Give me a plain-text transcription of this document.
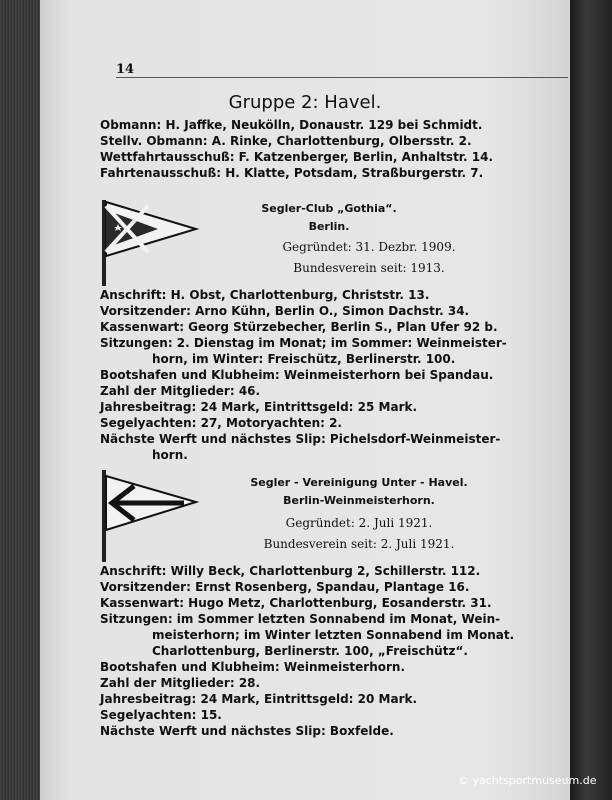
14
Gruppe 2: Havel.
Obmann: H. Jaffke, Neukölln, Donaustr. 129 bei Schmidt.
Stellv. Obmann: A. Rinke, Charlottenburg, Olbersstr. 2.
Wettfahrtausschuß: F. Katzenberger, Berlin, Anhaltstr. 14.
Fahrtenausschuß: H. Klatte, Potsdam, Straßburgerstr. 7.
Segler-Club „Gothia“.
Berlin.
Gegründet: 31. Dezbr. 1909.
Bundesverein seit: 1913.
Anschrift: H. Obst, Charlottenburg, Christstr. 13.
Vorsitzender: Arno Kühn, Berlin O., Simon Dachstr. 34.
Kassenwart: Georg Stürzebecher, Berlin S., Plan Ufer 92 b.
Sitzungen: 2. Dienstag im Monat; im Sommer: Weinmeister-
horn, im Winter: Freischütz, Berlinerstr. 100.
Bootshafen und Klubheim: Weinmeisterhorn bei Spandau.
Zahl der Mitglieder: 46.
Jahresbeitrag: 24 Mark, Eintrittsgeld: 25 Mark.
Segelyachten: 27, Motoryachten: 2.
Nächste Werft und nächstes Slip: Pichelsdorf-Weinmeister-
horn.
Segler - Vereinigung Unter - Havel.
Berlin-Weinmeisterhorn.
Gegründet: 2. Juli 1921.
Bundesverein seit: 2. Juli 1921.
Anschrift: Willy Beck, Charlottenburg 2, Schillerstr. 112.
Vorsitzender: Ernst Rosenberg, Spandau, Plantage 16.
Kassenwart: Hugo Metz, Charlottenburg, Eosanderstr. 31.
Sitzungen: im Sommer letzten Sonnabend im Monat, Wein-
meisterhorn; im Winter letzten Sonnabend im Monat.
Charlottenburg, Berlinerstr. 100, „Freischütz“.
Bootshafen und Klubheim: Weinmeisterhorn.
Zahl der Mitglieder: 28.
Jahresbeitrag: 24 Mark, Eintrittsgeld: 20 Mark.
Segelyachten: 15.
Nächste Werft und nächstes Slip: Boxfelde.
© yachtsportmuseum.de
